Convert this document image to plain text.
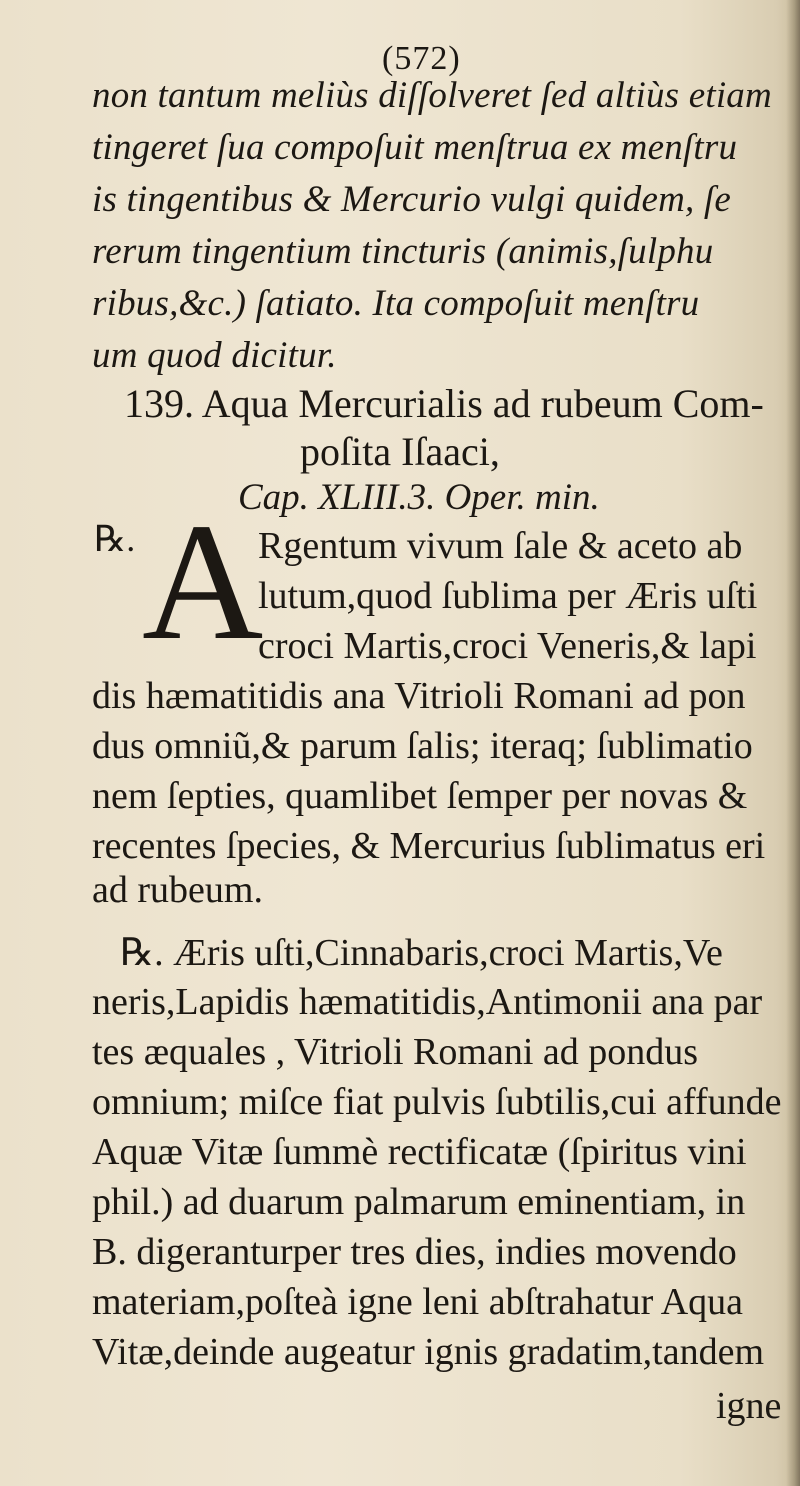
(572)
non tantum meliùs diſſolveret ſed altiùs etiam
tingeret ſua compoſuit menſtrua ex menſtru
is tingentibus & Mercurio vulgi quidem, ſe
rerum tingentium tincturis (animis,ſulphu
ribus,&c.) ſatiato. Ita compoſuit menſtru
um quod dicitur.
139. Aqua Mercurialis ad rubeum Com-
poſita Iſaaci,
Cap. XLIII.3. Oper. min.
℞. A
Rgentum vivum ſale & aceto ab
lutum,quod ſublima per Æris uſti
croci Martis,croci Veneris,& lapi
dis hæmatitidis ana Vitrioli Romani ad pon
dus omniũ,& parum ſalis; iteraq; ſublimatio
nem ſepties, quamlibet ſemper per novas &
recentes ſpecies, & Mercurius ſublimatus eri
ad rubeum.
℞. Æris uſti,Cinnabaris,croci Martis,Ve
neris,Lapidis hæmatitidis,Antimonii ana par
tes æquales , Vitrioli Romani ad pondus
omnium; miſce fiat pulvis ſubtilis,cui affunde
Aquæ Vitæ ſummè rectificatæ (ſpiritus vini
phil.) ad duarum palmarum eminentiam, in
B. digeranturper tres dies, indies movendo
materiam,poſteà igne leni abſtrahatur Aqua
Vitæ,deinde augeatur ignis gradatim,tandem
igne
